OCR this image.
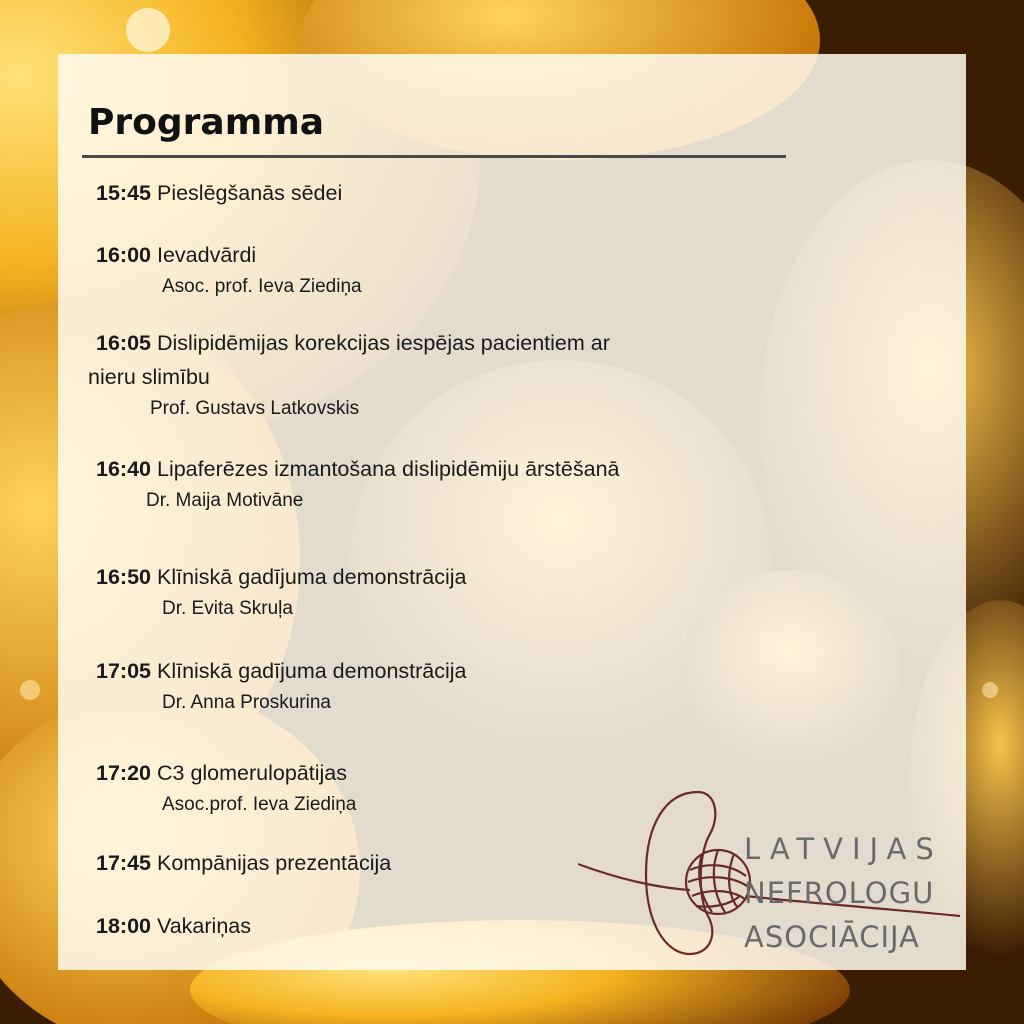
Programma
15:45 Pieslēgšanās sēdei
16:00 Ievadvārdi
Asoc. prof. Ieva Ziediņa
16:05 Dislipidēmijas korekcijas iespējas pacientiem ar
nieru slimību
Prof. Gustavs Latkovskis
16:40 Lipaferēzes izmantošana dislipidēmiju ārstēšanā
Dr. Maija Motivāne
16:50 Klīniskā gadījuma demonstrācija
Dr. Evita Skruļa
17:05 Klīniskā gadījuma demonstrācija
Dr. Anna Proskurina
17:20 C3 glomerulopātijas
Asoc.prof. Ieva Ziediņa
17:45 Kompānijas prezentācija
18:00 Vakariņas
LATVIJAS
NEFROLOGU
ASOCIĀCIJA
